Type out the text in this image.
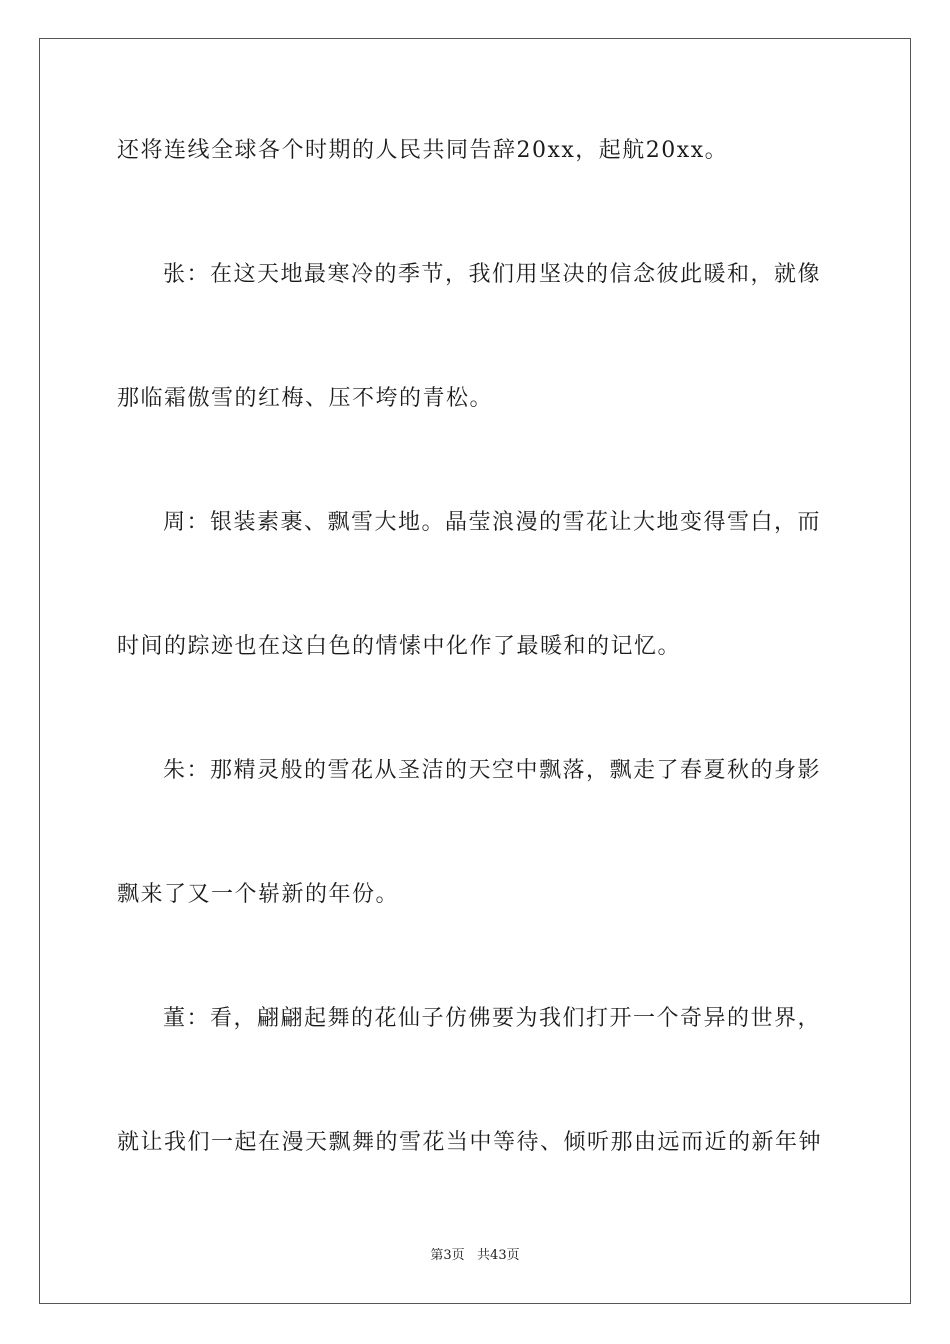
还将连线全球各个时期的人民共同告辞20xx，起航20xx。
张：在这天地最寒冷的季节，我们用坚决的信念彼此暖和，就像
那临霜傲雪的红梅、压不垮的青松。
周：银装素裹、飘雪大地。晶莹浪漫的雪花让大地变得雪白，而
时间的踪迹也在这白色的情愫中化作了最暖和的记忆。
朱：那精灵般的雪花从圣洁的天空中飘落，飘走了春夏秋的身影
飘来了又一个崭新的年份。
董：看，翩翩起舞的花仙子仿佛要为我们打开一个奇异的世界，
就让我们一起在漫天飘舞的雪花当中等待、倾听那由远而近的新年钟
第3页   共43页
